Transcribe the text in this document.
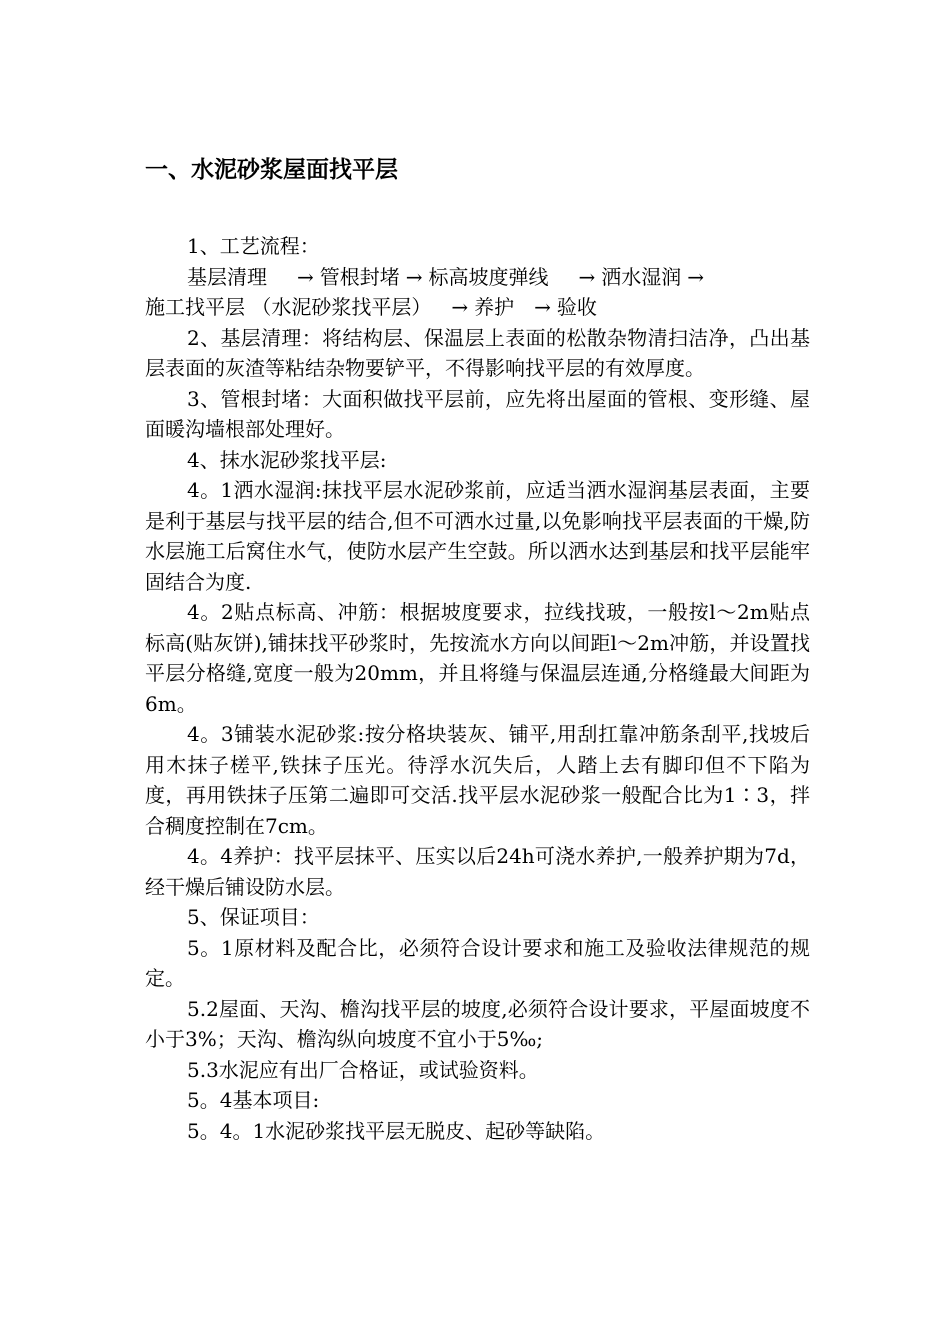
一、水泥砂浆屋面找平层

1、工艺流程：

基层清理 → 管根封堵 → 标高坡度弹线 → 洒水湿润 →
施工找平层 （水泥砂浆找平层） → 养护 → 验收

2、基层清理：将结构层、保温层上表面的松散杂物清扫洁净，凸出基层表面的灰渣等粘结杂物要铲平，不得影响找平层的有效厚度。

3、管根封堵：大面积做找平层前，应先将出屋面的管根、变形缝、屋面暖沟墙根部处理好。

4、抹水泥砂浆找平层:

4。1洒水湿润:抹找平层水泥砂浆前，应适当洒水湿润基层表面，主要是利于基层与找平层的结合,但不可洒水过量,以免影响找平层表面的干燥,防水层施工后窝住水气，使防水层产生空鼓。所以洒水达到基层和找平层能牢固结合为度.

4。2贴点标高、冲筋：根据坡度要求，拉线找玻，一般按l～2m贴点标高(贴灰饼),铺抹找平砂浆时，先按流水方向以间距l～2m冲筋，并设置找平层分格缝,宽度一般为20mm，并且将缝与保温层连通,分格缝最大间距为6m。

4。3铺装水泥砂浆:按分格块装灰、铺平,用刮扛靠冲筋条刮平,找坡后用木抹子槎平,铁抹子压光。待浮水沉失后，人踏上去有脚印但不下陷为度，再用铁抹子压第二遍即可交活.找平层水泥砂浆一般配合比为1∶3，拌合稠度控制在7cm。

4。4养护：找平层抹平、压实以后24h可浇水养护,一般养护期为7d，经干燥后铺设防水层。

5、保证项目：

5。1原材料及配合比，必须符合设计要求和施工及验收法律规范的规定。

5.2屋面、天沟、檐沟找平层的坡度,必须符合设计要求，平屋面坡度不小于3%；天沟、檐沟纵向坡度不宜小于5‰;

5.3水泥应有出厂合格证，或试验资料。

5。4基本项目:

5。4。1水泥砂浆找平层无脱皮、起砂等缺陷。
